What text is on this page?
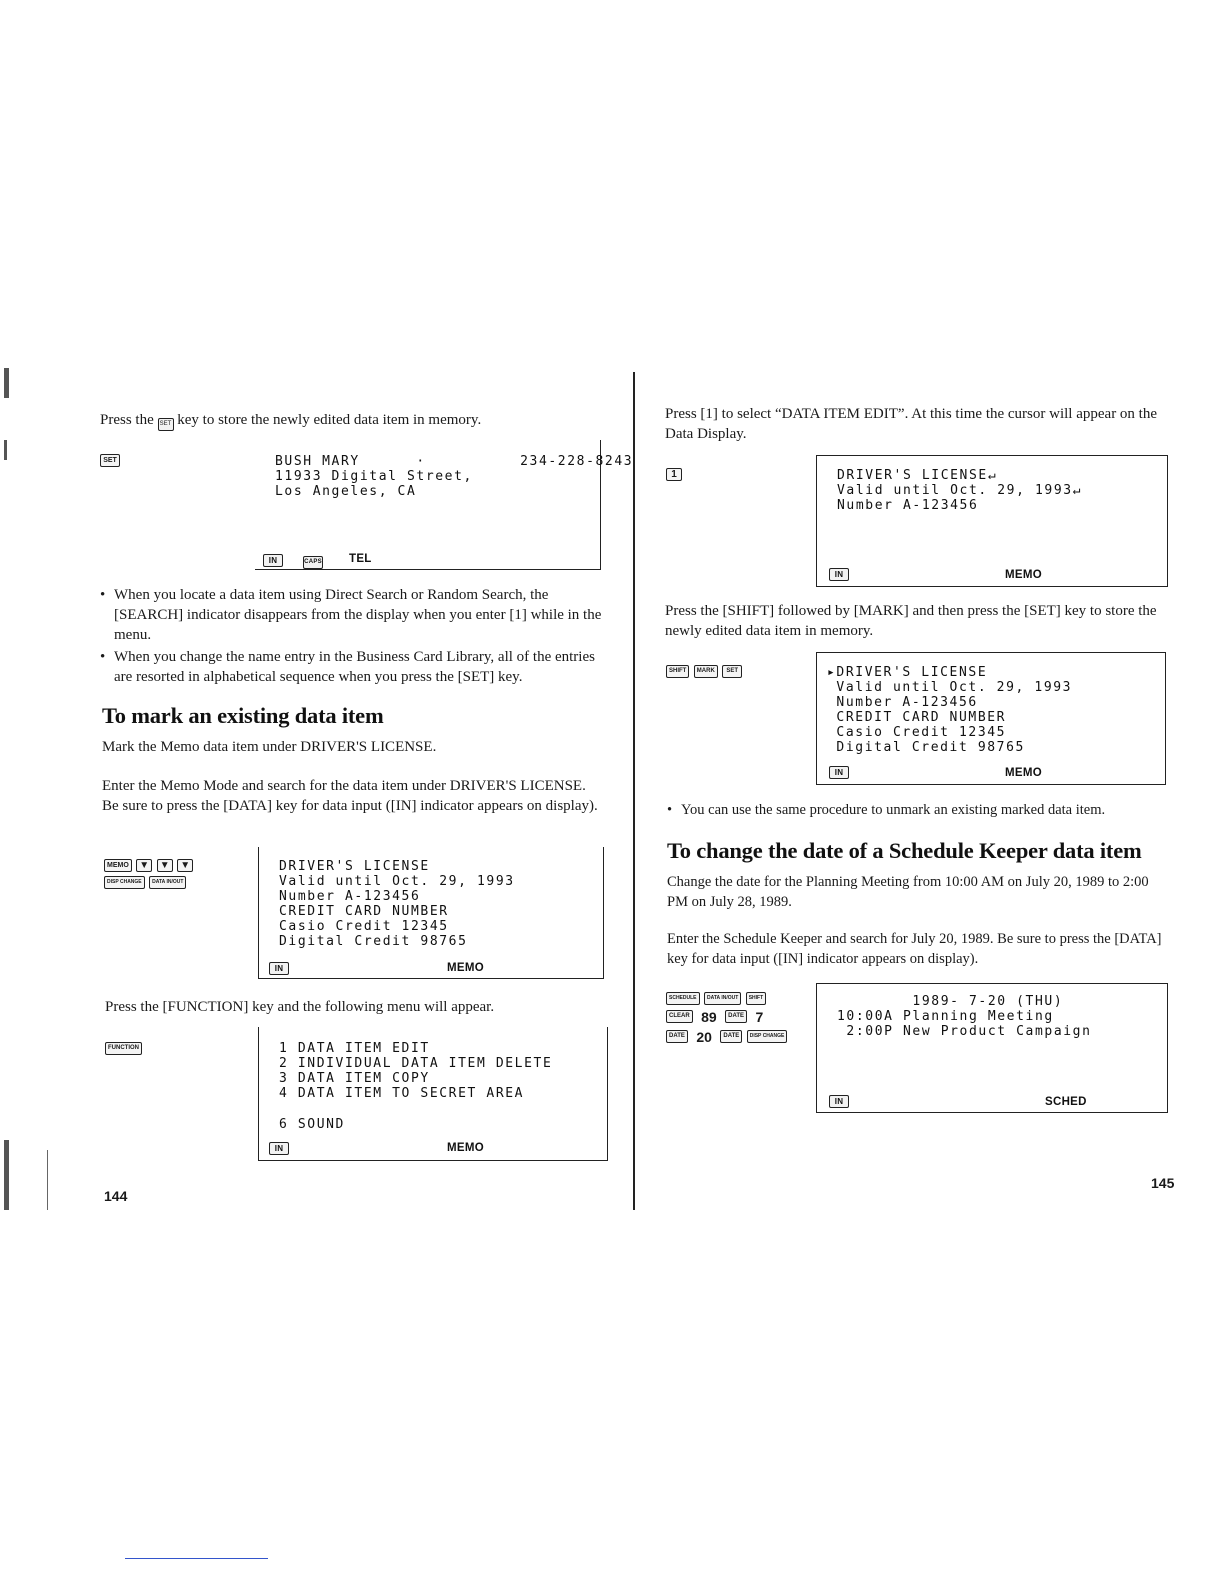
Press the SET key to store the newly edited data item in memory.
SET	BUSH MARY      ·          234-228-8243
11933 Digital Street,
Los Angeles, CA
IN	CAPS TEL
• When you locate a data item using Direct Search or Random Search, the [SEARCH] indicator disappears from the display when you enter [1] while in the menu.
• When you change the name entry in the Business Card Library, all of the entries are resorted in alphabetical sequence when you press the [SET] key.
To mark an existing data item
Mark the Memo data item under DRIVER'S LICENSE.
Enter the Memo Mode and search for the data item under DRIVER'S LICENSE. Be sure to press the [DATA] key for data input ([IN] indicator appears on display).
MEMO ▼ ▼ ▼
DISP CHANGE DATA IN/OUT
DRIVER'S LICENSE
Valid until Oct. 29, 1993
Number A-123456
CREDIT CARD NUMBER
Casio Credit 12345
Digital Credit 98765
IN	MEMO
Press the [FUNCTION] key and the following menu will appear.
FUNCTION	1 DATA ITEM EDIT
2 INDIVIDUAL DATA ITEM DELETE
3 DATA ITEM COPY
4 DATA ITEM TO SECRET AREA
6 SOUND
IN	MEMO
144
Press [1] to select “DATA ITEM EDIT”. At this time the cursor will appear on the Data Display.
1	DRIVER'S LICENSE↵
Valid until Oct. 29, 1993↵
Number A-123456
IN	MEMO
Press the [SHIFT] followed by [MARK] and then press the [SET] key to store the newly edited data item in memory.
SHIFT MARK SET	▸DRIVER'S LICENSE
Valid until Oct. 29, 1993
Number A-123456
CREDIT CARD NUMBER
Casio Credit 12345
Digital Credit 98765
IN	MEMO
• You can use the same procedure to unmark an existing marked data item.
To change the date of a Schedule Keeper data item
Change the date for the Planning Meeting from 10:00 AM on July 20, 1989 to 2:00 PM on July 28, 1989.
Enter the Schedule Keeper and search for July 20, 1989. Be sure to press the [DATA] key for data input ([IN] indicator appears on display).
SCHEDULE DATA IN/OUT SHIFT
CLEAR 89 DATE 7
DATE 20 DATE DISP CHANGE
1989- 7-20 (THU)
10:00A Planning Meeting
2:00P New Product Campaign
IN	SCHED
145
